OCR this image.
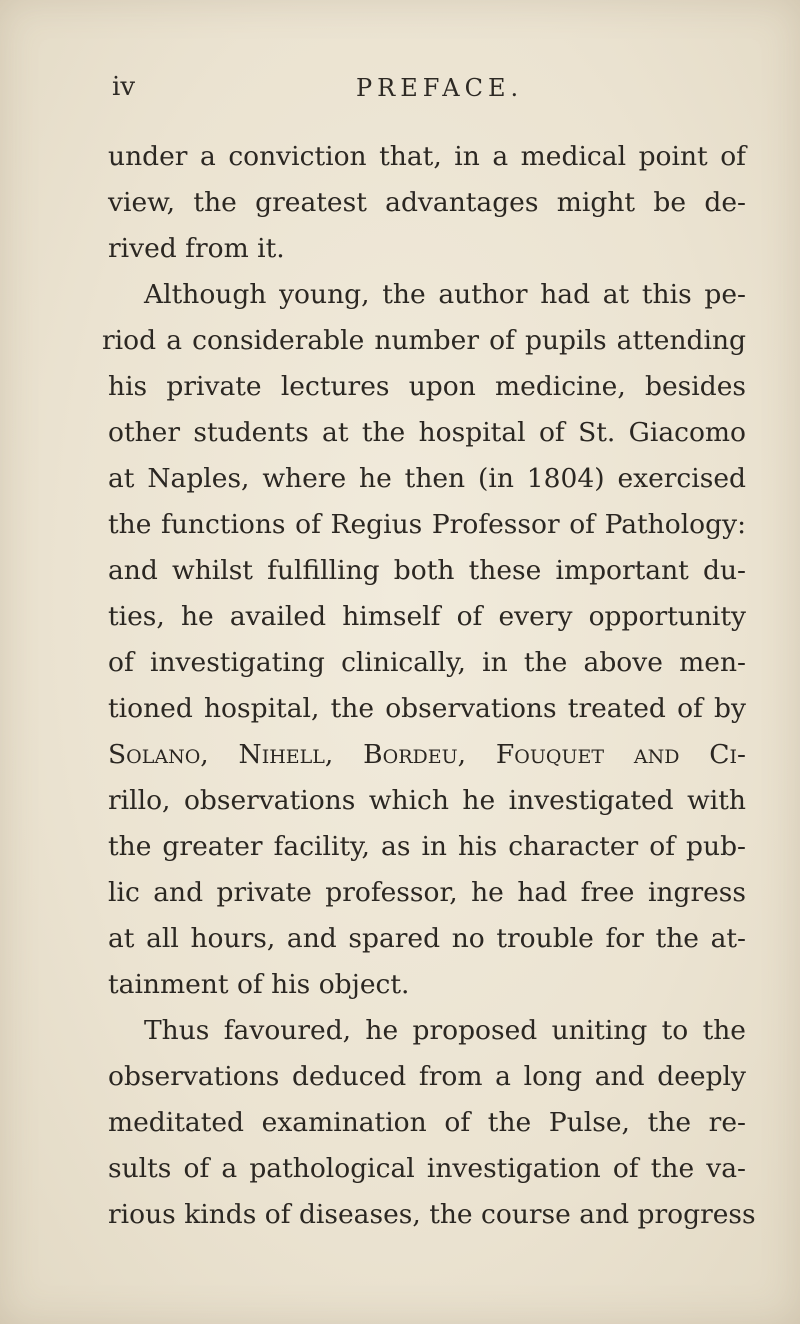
iv	PREFACE.
under a conviction that, in a medical point of
view, the greatest advantages might be de-
rived from it.
Although young, the author had at this pe-
riod a considerable number of pupils attending
his private lectures upon medicine, besides
other students at the hospital of St. Giacomo
at Naples, where he then (in 1804) exercised
the functions of Regius Professor of Pathology:
and whilst fulfilling both these important du-
ties, he availed himself of every opportunity
of investigating clinically, in the above men-
tioned hospital, the observations treated of by
Solano, Nihell, Bordeu, Fouquet and Ci-
rillo, observations which he investigated with
the greater facility, as in his character of pub-
lic and private professor, he had free ingress
at all hours, and spared no trouble for the at-
tainment of his object.
Thus favoured, he proposed uniting to the
observations deduced from a long and deeply
meditated examination of the Pulse, the re-
sults of a pathological investigation of the va-
rious kinds of diseases, the course and progress
